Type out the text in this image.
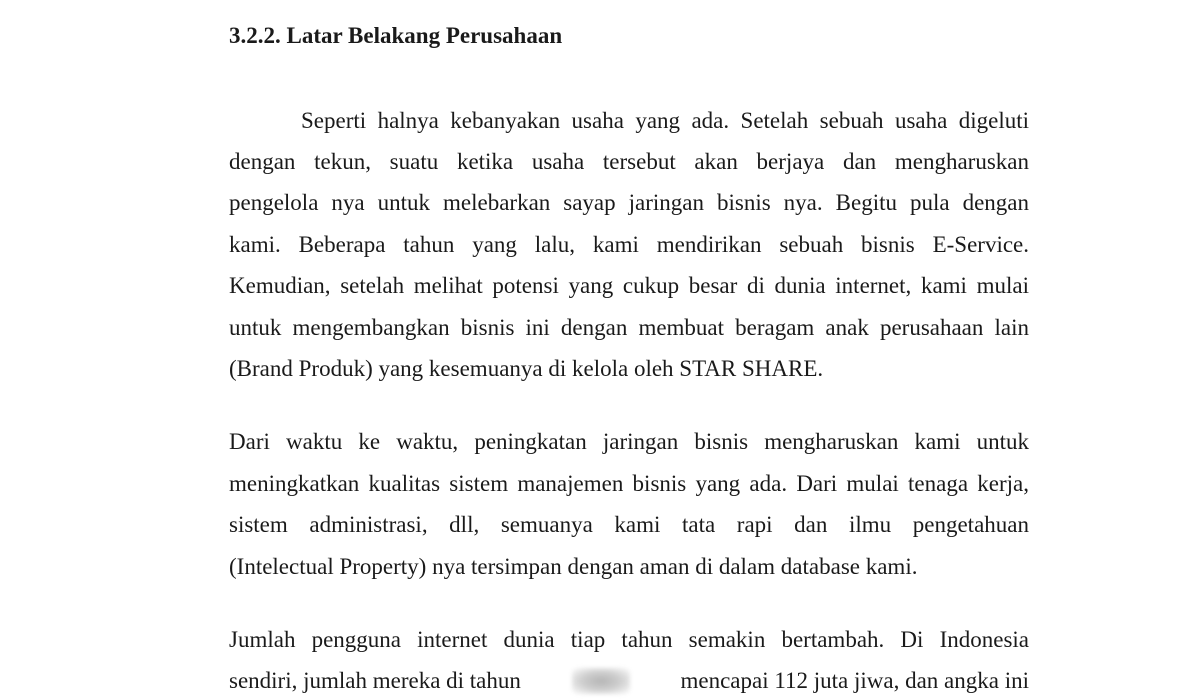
3.2.2. Latar Belakang Perusahaan

Seperti halnya kebanyakan usaha yang ada. Setelah sebuah usaha digeluti

dengan tekun, suatu ketika usaha tersebut akan berjaya dan mengharuskan

pengelola nya untuk melebarkan sayap jaringan bisnis nya. Begitu pula dengan

kami. Beberapa tahun yang lalu, kami mendirikan sebuah bisnis E-Service.

Kemudian, setelah melihat potensi yang cukup besar di dunia internet, kami mulai

untuk mengembangkan bisnis ini dengan membuat beragam anak perusahaan lain

(Brand Produk) yang kesemuanya di kelola oleh STAR SHARE.

Dari waktu ke waktu, peningkatan jaringan bisnis mengharuskan kami untuk

meningkatkan kualitas sistem manajemen bisnis yang ada. Dari mulai tenaga kerja,

sistem administrasi, dll, semuanya kami tata rapi dan ilmu pengetahuan

(Intelectual Property) nya tersimpan dengan aman di dalam database kami.

Jumlah pengguna internet dunia tiap tahun semakin bertambah. Di Indonesia

sendiri, jumlah mereka di tahun	mencapai 112 juta jiwa, dan angka ini
